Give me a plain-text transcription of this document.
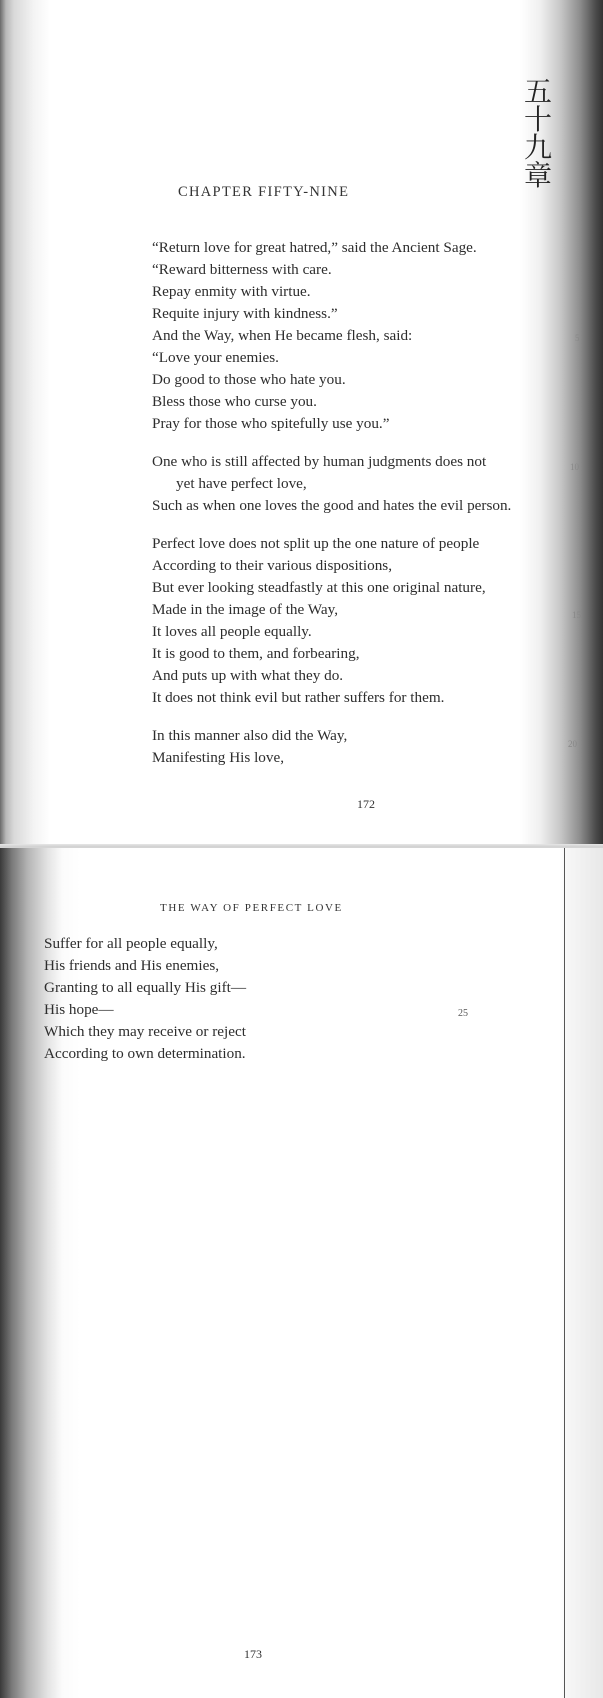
五
十
九
章
CHAPTER FIFTY-NINE
“Return love for great hatred,” said the Ancient Sage.
“Reward bitterness with care.
Repay enmity with virtue.
Requite injury with kindness.”
And the Way, when He became flesh, said:
“Love your enemies.
Do good to those who hate you.
Bless those who curse you.
Pray for those who spitefully use you.”
One who is still affected by human judgments does not
yet have perfect love,
Such as when one loves the good and hates the evil person.
Perfect love does not split up the one nature of people
According to their various dispositions,
But ever looking steadfastly at this one original nature,
Made in the image of the Way,
It loves all people equally.
It is good to them, and forbearing,
And puts up with what they do.
It does not think evil but rather suffers for them.
In this manner also did the Way,
Manifesting His love,
5
10
15
20
172
THE WAY OF PERFECT LOVE
Suffer for all people equally,
His friends and His enemies,
Granting to all equally His gift—
His hope—
Which they may receive or reject
According to own determination.
25
173
